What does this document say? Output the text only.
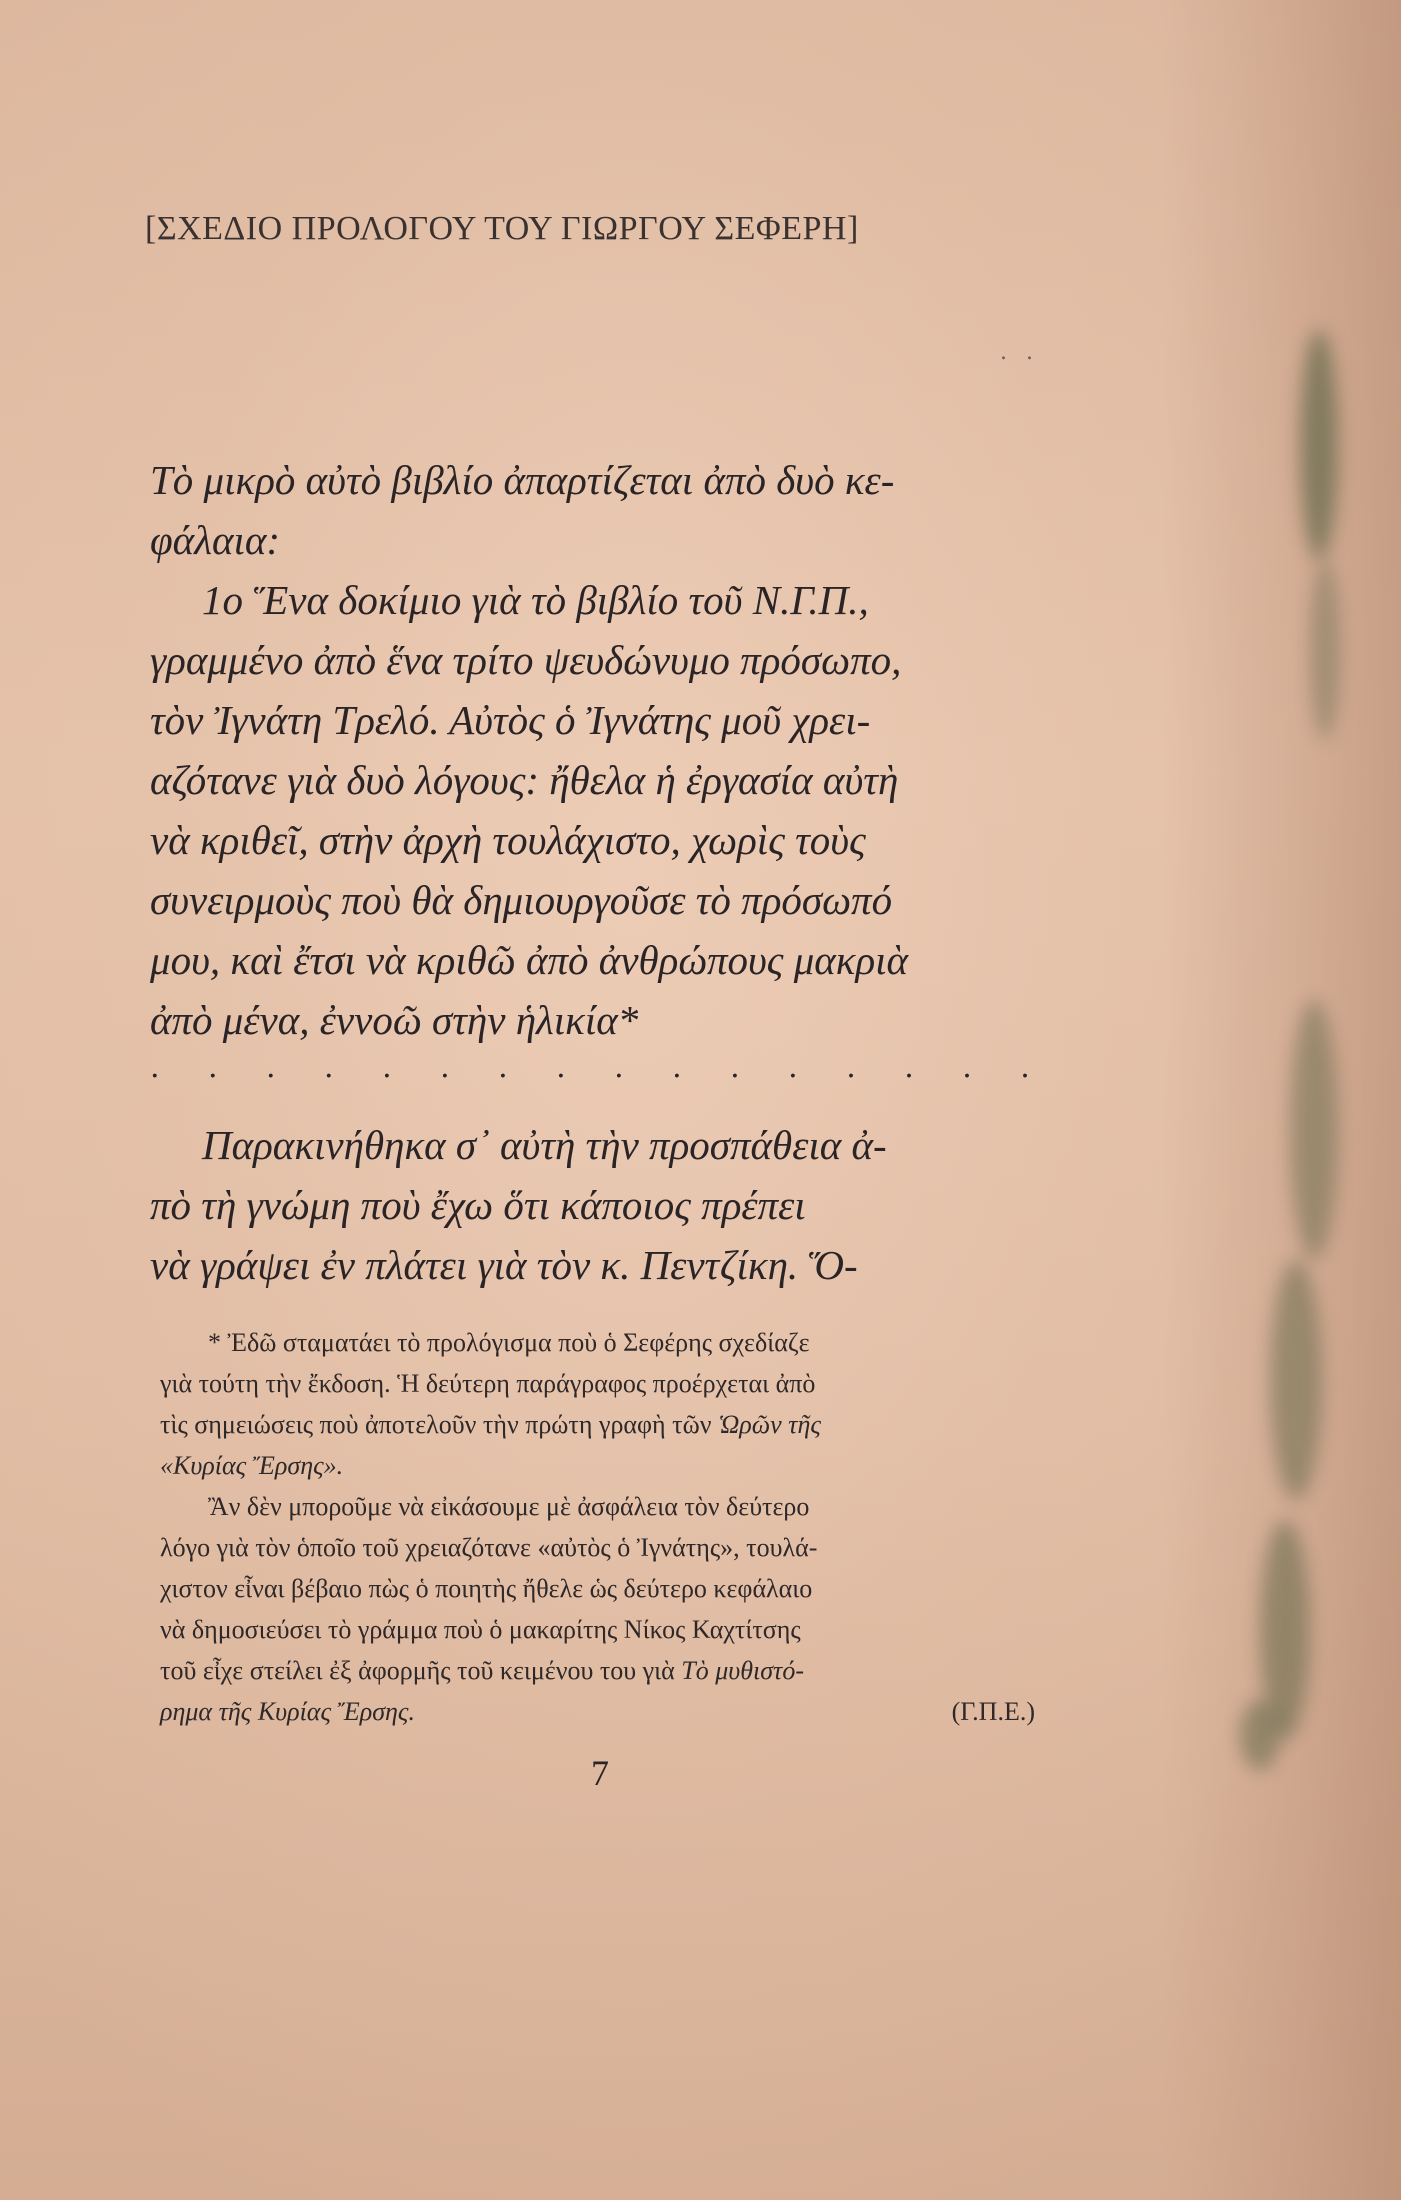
[ΣΧΕΔΙΟ ΠΡΟΛΟΓΟΥ ΤΟΥ ΓΙΩΡΓΟΥ ΣΕΦΕΡΗ]
. .
Τὸ μικρὸ αὐτὸ βιβλίο ἀπαρτίζεται ἀπὸ δυὸ κε-
φάλαια:
1ο Ἕνα δοκίμιο γιὰ τὸ βιβλίο τοῦ Ν.Γ.Π.,
γραμμένο ἀπὸ ἕνα τρίτο ψευδώνυμο πρόσωπο,
τὸν Ἰγνάτη Τρελό. Αὐτὸς ὁ Ἰγνάτης μοῦ χρει-
αζότανε γιὰ δυὸ λόγους: ἤθελα ἡ ἐργασία αὐτὴ
νὰ κριθεῖ, στὴν ἀρχὴ τουλάχιστο, χωρὶς τοὺς
συνειρμοὺς ποὺ θὰ δημιουργοῦσε τὸ πρόσωπό
μου, καὶ ἔτσι νὰ κριθῶ ἀπὸ ἀνθρώπους μακριὰ
ἀπὸ μένα, ἐννοῶ στὴν ἡλικία*
. . . . . . . . . . . . . . . .
Παρακινήθηκα σ᾽ αὐτὴ τὴν προσπάθεια ἀ-
πὸ τὴ γνώμη ποὺ ἔχω ὅτι κάποιος πρέπει
νὰ γράψει ἐν πλάτει γιὰ τὸν κ. Πεντζίκη. Ὅ-
* Ἐδῶ σταματάει τὸ προλόγισμα ποὺ ὁ Σεφέρης σχεδίαζε
γιὰ τούτη τὴν ἔκδοση. Ἡ δεύτερη παράγραφος προέρχεται ἀπὸ
τὶς σημειώσεις ποὺ ἀποτελοῦν τὴν πρώτη γραφὴ τῶν Ὡρῶν τῆς
«Κυρίας Ἔρσης».
Ἂν δὲν μποροῦμε νὰ εἰκάσουμε μὲ ἀσφάλεια τὸν δεύτερο
λόγο γιὰ τὸν ὁποῖο τοῦ χρειαζότανε «αὐτὸς ὁ Ἰγνάτης», τουλά-
χιστον εἶναι βέβαιο πὼς ὁ ποιητὴς ἤθελε ὡς δεύτερο κεφάλαιο
νὰ δημοσιεύσει τὸ γράμμα ποὺ ὁ μακαρίτης Νίκος Καχτίτσης
τοῦ εἶχε στείλει ἐξ ἀφορμῆς τοῦ κειμένου του γιὰ Τὸ μυθιστό-
ρημα τῆς Κυρίας Ἔρσης.	(Γ.Π.Ε.)
7
